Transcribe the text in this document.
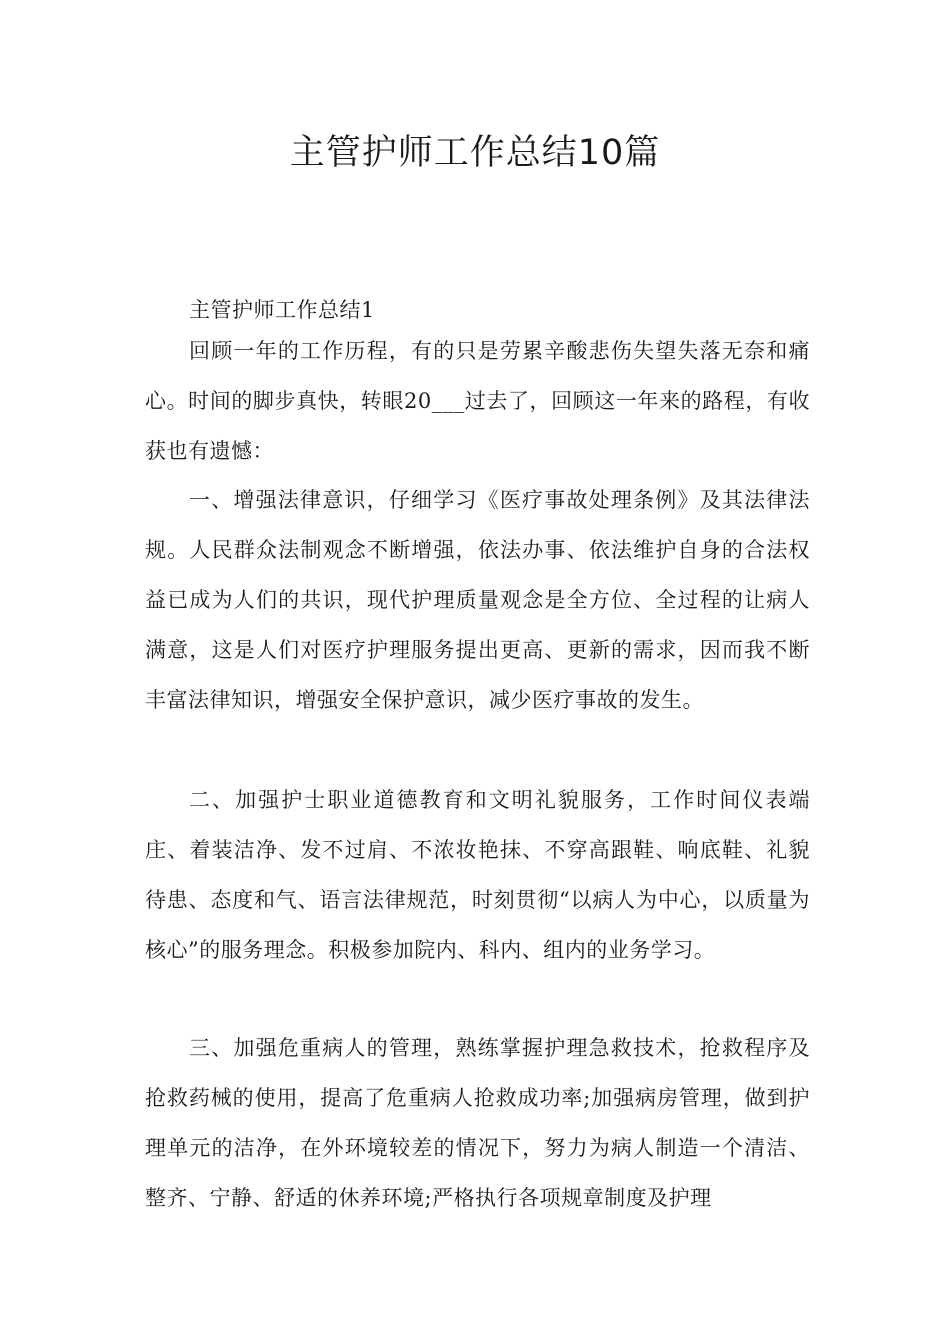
主管护师工作总结10篇

主管护师工作总结1

回顾一年的工作历程，有的只是劳累辛酸悲伤失望失落无奈和痛心。时间的脚步真快，转眼20___过去了，回顾这一年来的路程，有收获也有遗憾：

一、增强法律意识，仔细学习《医疗事故处理条例》及其法律法规。人民群众法制观念不断增强，依法办事、依法维护自身的合法权益已成为人们的共识，现代护理质量观念是全方位、全过程的让病人满意，这是人们对医疗护理服务提出更高、更新的需求，因而我不断丰富法律知识，增强安全保护意识，减少医疗事故的发生。

二、加强护士职业道德教育和文明礼貌服务，工作时间仪表端庄、着装洁净、发不过肩、不浓妆艳抹、不穿高跟鞋、响底鞋、礼貌待患、态度和气、语言法律规范，时刻贯彻“以病人为中心，以质量为核心”的服务理念。积极参加院内、科内、组内的业务学习。

三、加强危重病人的管理，熟练掌握护理急救技术，抢救程序及抢救药械的使用，提高了危重病人抢救成功率;加强病房管理，做到护理单元的洁净，在外环境较差的情况下，努力为病人制造一个清洁、整齐、宁静、舒适的休养环境;严格执行各项规章制度及护理
